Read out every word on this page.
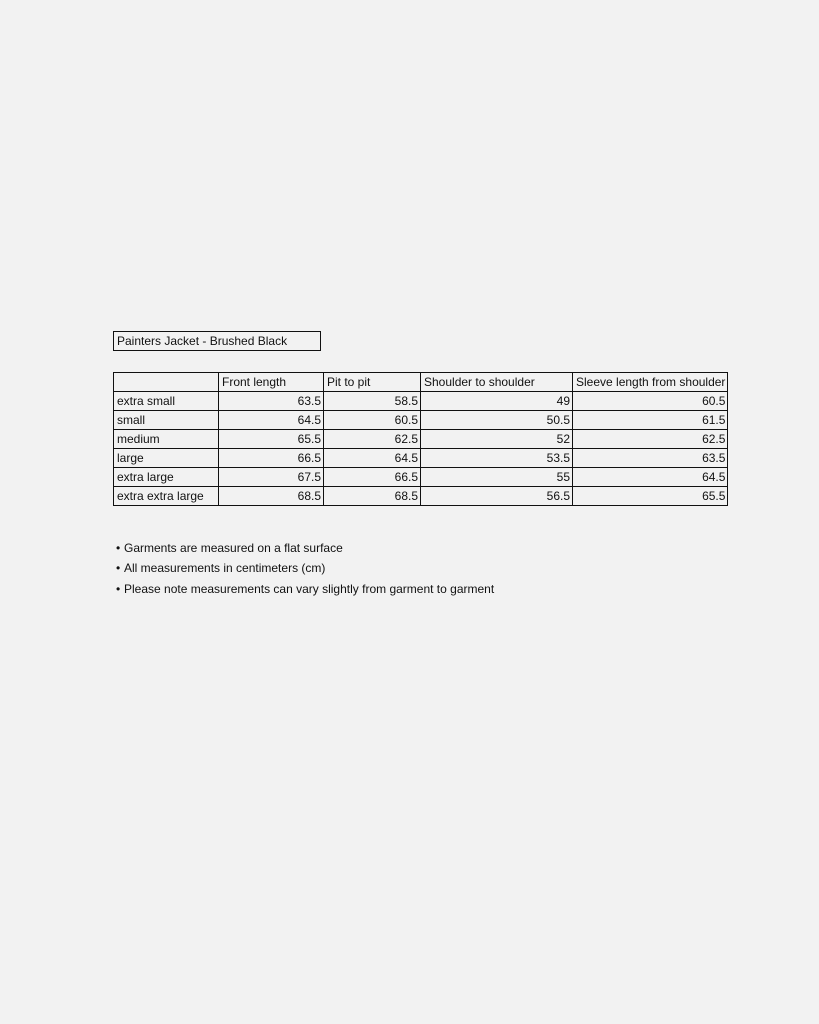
Painters Jacket - Brushed Black
	Front length	Pit to pit	Shoulder to shoulder	Sleeve length from shoulder
extra small	63.5	58.5	49	60.5
small	64.5	60.5	50.5	61.5
medium	65.5	62.5	52	62.5
large	66.5	64.5	53.5	63.5
extra large	67.5	66.5	55	64.5
extra extra large	68.5	68.5	56.5	65.5
• Garments are measured on a flat surface
• All measurements in centimeters (cm)
• Please note measurements can vary slightly from garment to garment
